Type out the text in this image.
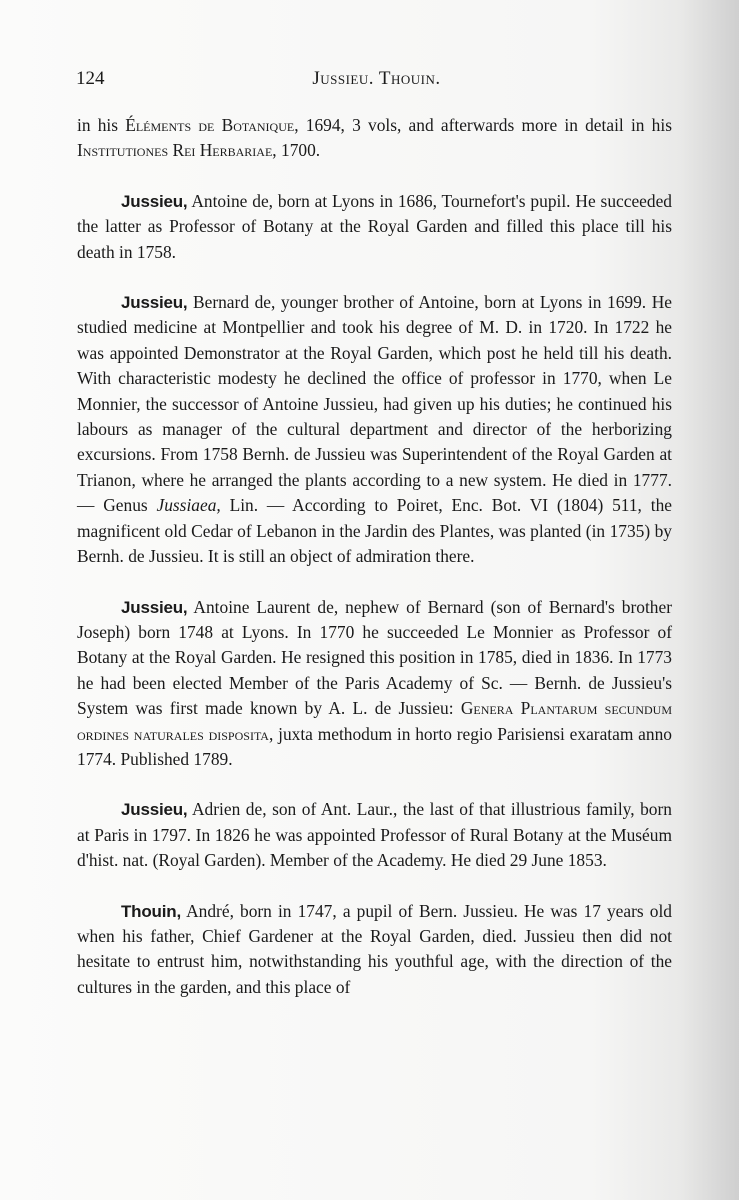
124	Jussieu. Thouin.

in his Éléments de Botanique, 1694, 3 vols, and afterwards more in detail in his Institutiones Rei Herbariae, 1700.

Jussieu, Antoine de, born at Lyons in 1686, Tournefort's pupil. He succeeded the latter as Professor of Botany at the Royal Garden and filled this place till his death in 1758.

Jussieu, Bernard de, younger brother of Antoine, born at Lyons in 1699. He studied medicine at Montpellier and took his degree of M. D. in 1720. In 1722 he was appointed Demonstrator at the Royal Garden, which post he held till his death. With characteristic modesty he declined the office of professor in 1770, when Le Monnier, the successor of Antoine Jussieu, had given up his duties; he continued his labours as manager of the cultural department and director of the herborizing excursions. From 1758 Bernh. de Jussieu was Superintendent of the Royal Garden at Trianon, where he arranged the plants according to a new system. He died in 1777. — Genus Jussiaea, Lin. — According to Poiret, Enc. Bot. VI (1804) 511, the magnificent old Cedar of Lebanon in the Jardin des Plantes, was planted (in 1735) by Bernh. de Jussieu. It is still an object of admiration there.

Jussieu, Antoine Laurent de, nephew of Bernard (son of Bernard's brother Joseph) born 1748 at Lyons. In 1770 he succeeded Le Monnier as Professor of Botany at the Royal Garden. He resigned this position in 1785, died in 1836. In 1773 he had been elected Member of the Paris Academy of Sc. — Bernh. de Jussieu's System was first made known by A. L. de Jussieu: Genera Plantarum secundum ordines naturales disposita, juxta methodum in horto regio Parisiensi exaratam anno 1774. Published 1789.

Jussieu, Adrien de, son of Ant. Laur., the last of that illustrious family, born at Paris in 1797. In 1826 he was appointed Professor of Rural Botany at the Muséum d'hist. nat. (Royal Garden). Member of the Academy. He died 29 June 1853.

Thouin, André, born in 1747, a pupil of Bern. Jussieu. He was 17 years old when his father, Chief Gardener at the Royal Garden, died. Jussieu then did not hesitate to entrust him, notwithstanding his youthful age, with the direction of the cultures in the garden, and this place of
